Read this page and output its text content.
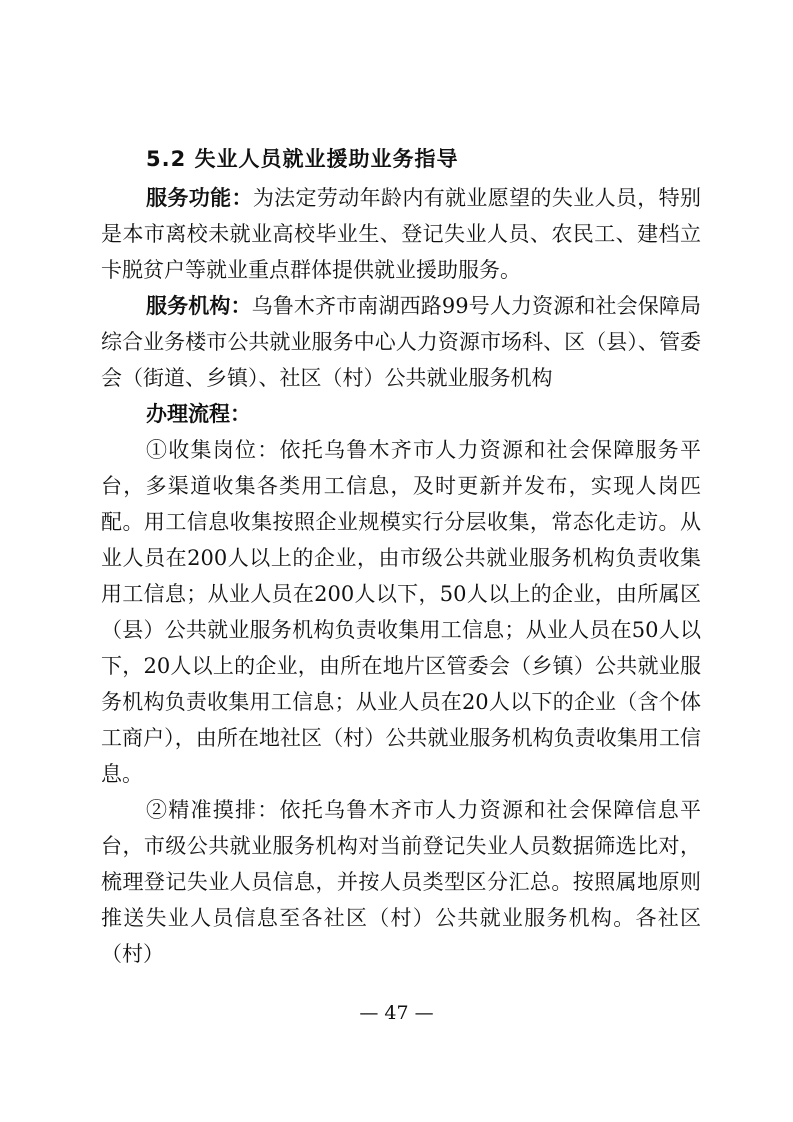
5.2 失业人员就业援助业务指导

服务功能：为法定劳动年龄内有就业愿望的失业人员，特别是本市离校未就业高校毕业生、登记失业人员、农民工、建档立卡脱贫户等就业重点群体提供就业援助服务。

服务机构：乌鲁木齐市南湖西路99号人力资源和社会保障局综合业务楼市公共就业服务中心人力资源市场科、区（县）、管委会（街道、乡镇）、社区（村）公共就业服务机构

办理流程：

①收集岗位：依托乌鲁木齐市人力资源和社会保障服务平台，多渠道收集各类用工信息，及时更新并发布，实现人岗匹配。用工信息收集按照企业规模实行分层收集，常态化走访。从业人员在200人以上的企业，由市级公共就业服务机构负责收集用工信息；从业人员在200人以下，50人以上的企业，由所属区（县）公共就业服务机构负责收集用工信息；从业人员在50人以下，20人以上的企业，由所在地片区管委会（乡镇）公共就业服务机构负责收集用工信息；从业人员在20人以下的企业（含个体工商户），由所在地社区（村）公共就业服务机构负责收集用工信息。

②精准摸排：依托乌鲁木齐市人力资源和社会保障信息平台，市级公共就业服务机构对当前登记失业人员数据筛选比对，梳理登记失业人员信息，并按人员类型区分汇总。按照属地原则推送失业人员信息至各社区（村）公共就业服务机构。各社区（村）

— 47 —
